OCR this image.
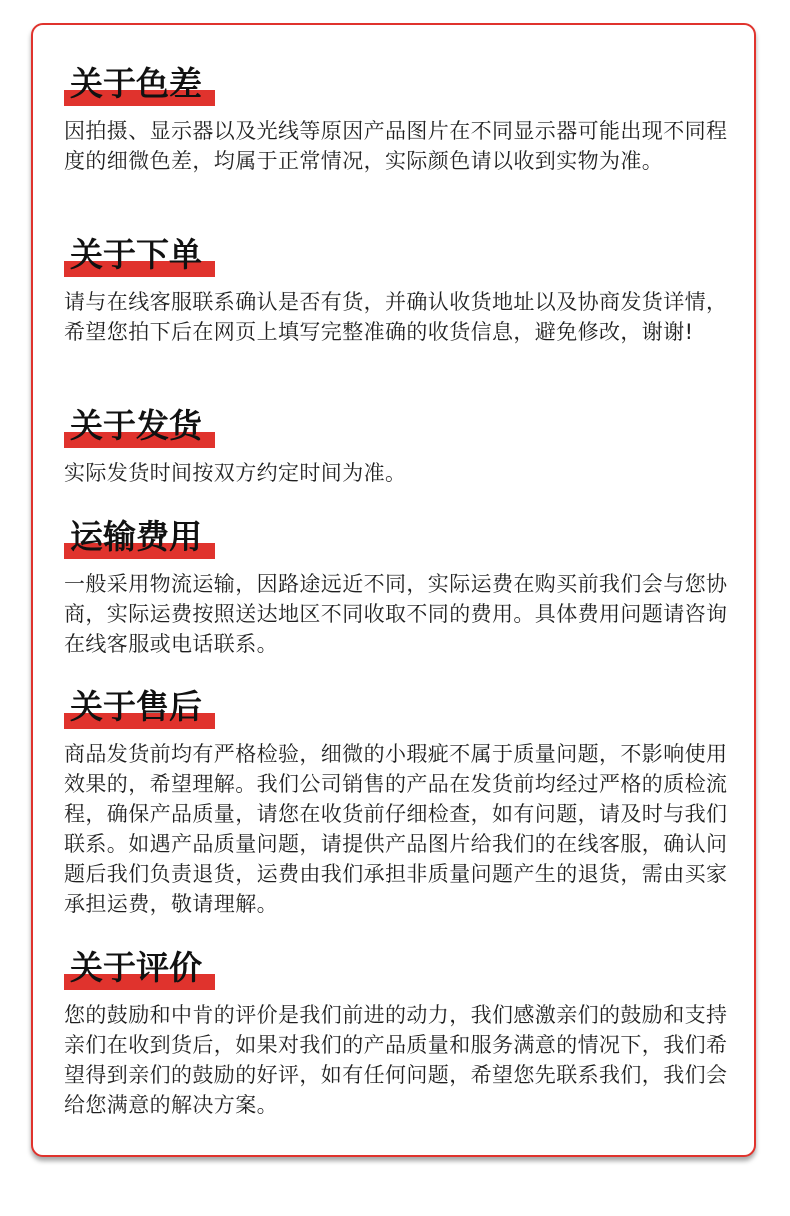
关于色差

因拍摄、显示器以及光线等原因产品图片在不同显示器可能出现不同程度的细微色差，均属于正常情况，实际颜色请以收到实物为准。

关于下单

请与在线客服联系确认是否有货，并确认收货地址以及协商发货详情，希望您拍下后在网页上填写完整准确的收货信息，避免修改，谢谢!

关于发货

实际发货时间按双方约定时间为准。

运输费用

一般采用物流运输，因路途远近不同，实际运费在购买前我们会与您协商，实际运费按照送达地区不同收取不同的费用。具体费用问题请咨询在线客服或电话联系。

关于售后

商品发货前均有严格检验，细微的小瑕疵不属于质量问题，不影响使用效果的，希望理解。我们公司销售的产品在发货前均经过严格的质检流程，确保产品质量，请您在收货前仔细检查，如有问题，请及时与我们联系。如遇产品质量问题，请提供产品图片给我们的在线客服，确认问题后我们负责退货，运费由我们承担非质量问题产生的退货，需由买家承担运费，敬请理解。

关于评价

您的鼓励和中肯的评价是我们前进的动力，我们感激亲们的鼓励和支持亲们在收到货后，如果对我们的产品质量和服务满意的情况下，我们希望得到亲们的鼓励的好评，如有任何问题，希望您先联系我们，我们会给您满意的解决方案。
